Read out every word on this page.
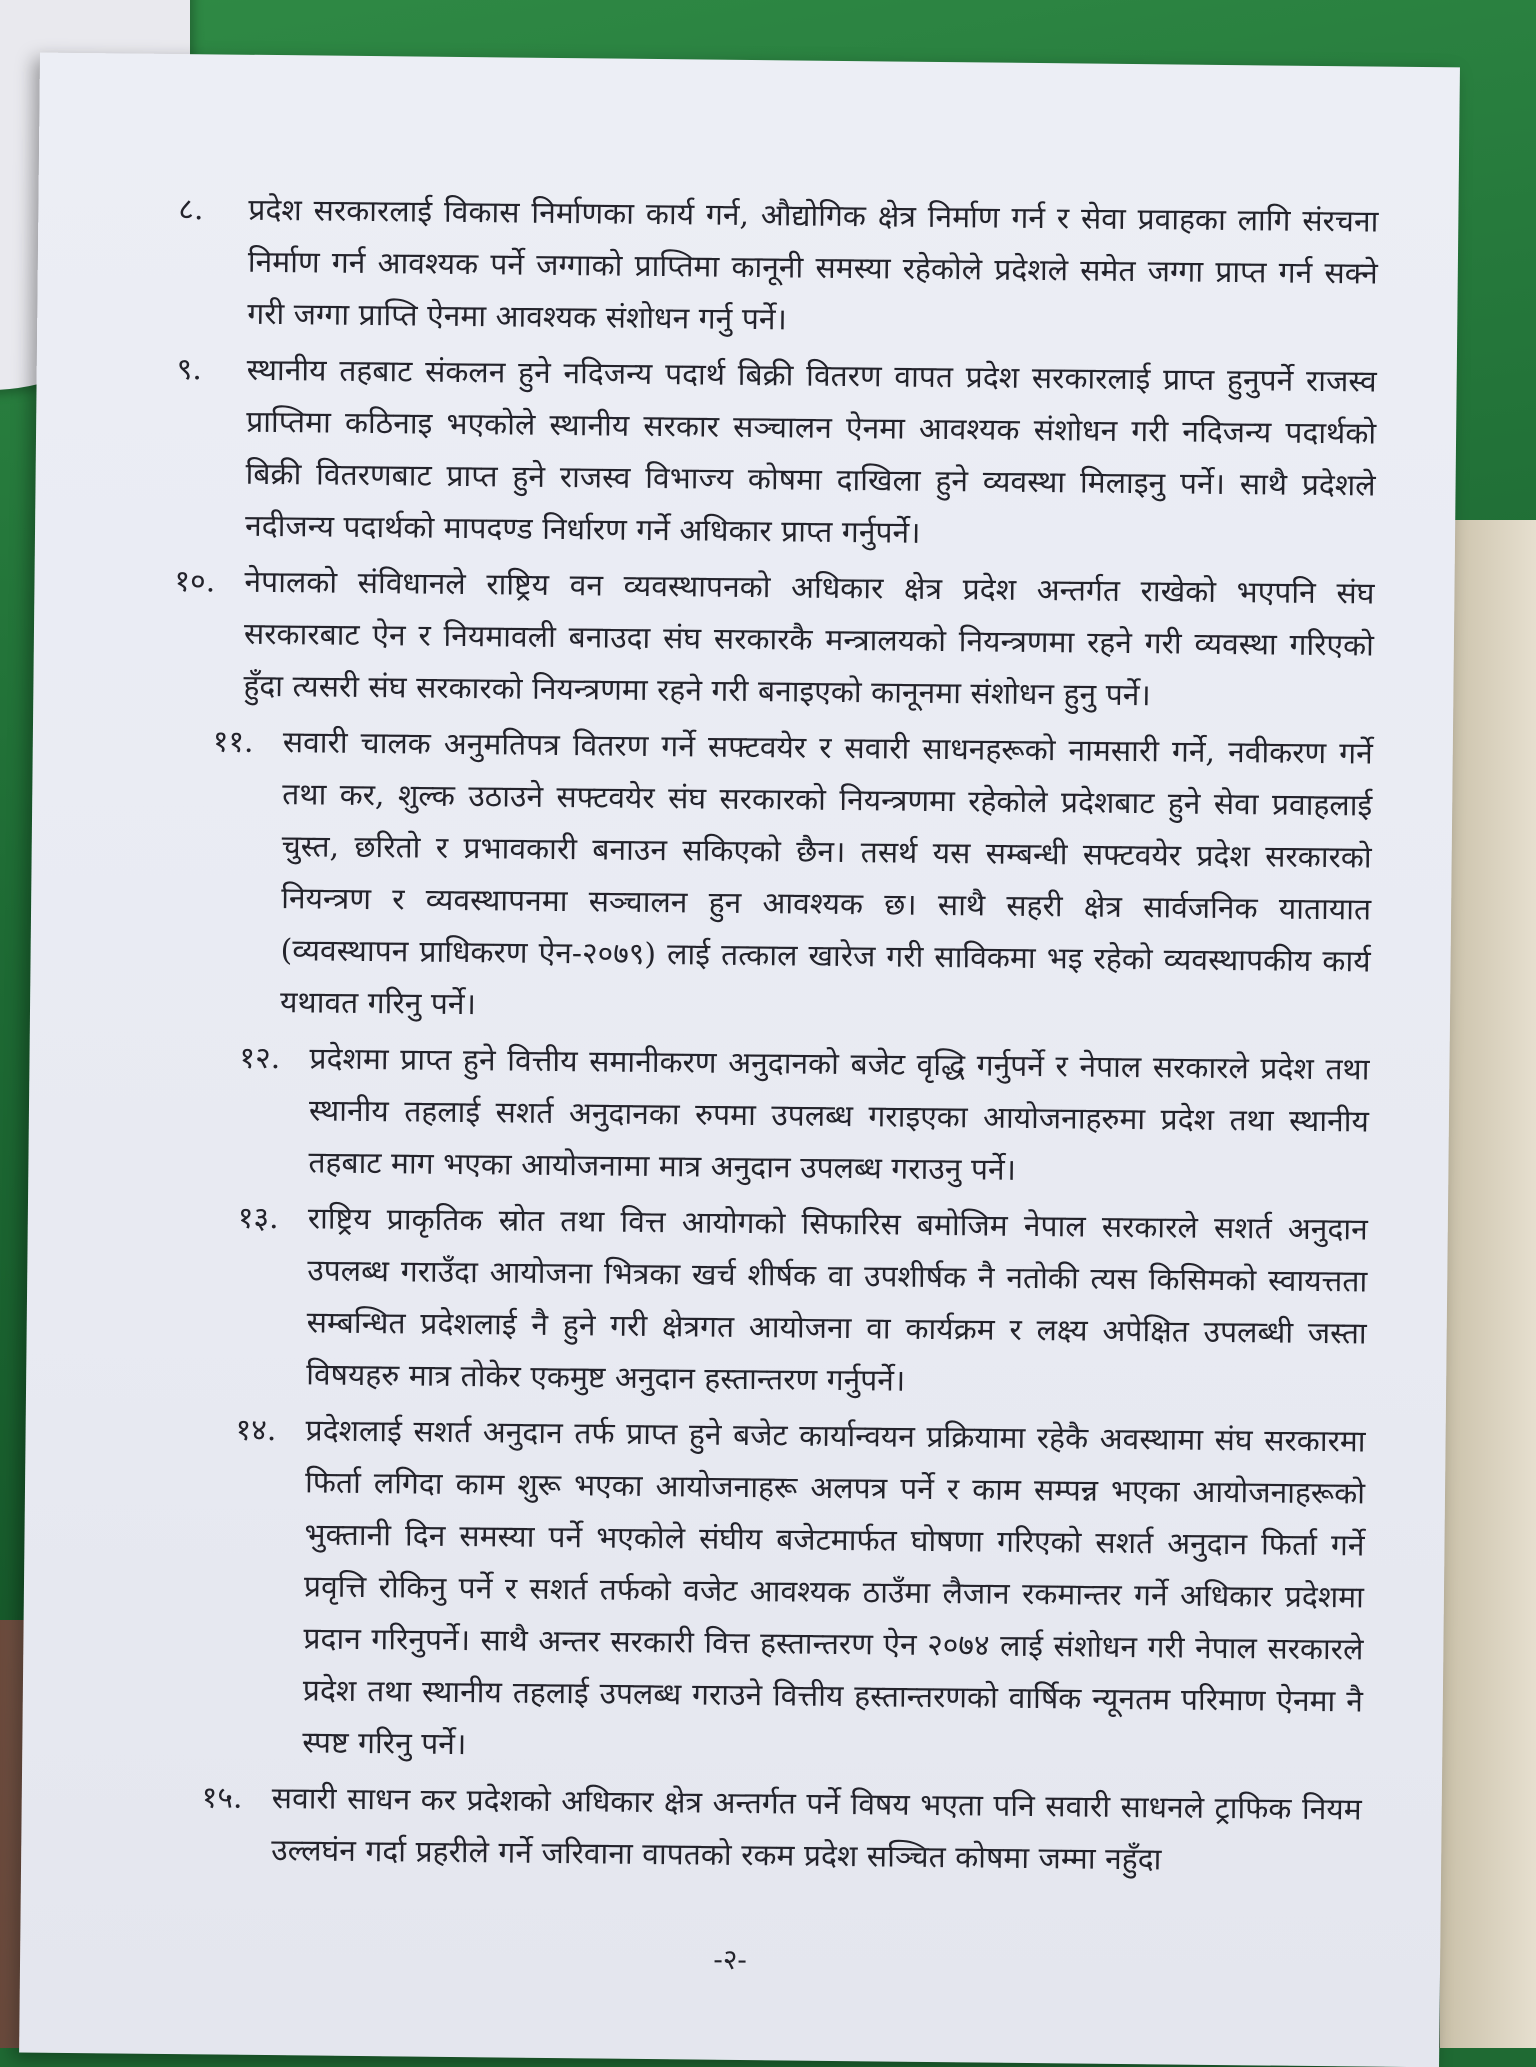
८.	प्रदेश सरकारलाई विकास निर्माणका कार्य गर्न, औद्योगिक क्षेत्र निर्माण गर्न र सेवा प्रवाहका लागि संरचना निर्माण गर्न आवश्यक पर्ने जग्गाको प्राप्तिमा कानूनी समस्या रहेकोले प्रदेशले समेत जग्गा प्राप्त गर्न सक्ने गरी जग्गा प्राप्ति ऐनमा आवश्यक संशोधन गर्नु पर्ने।
९.	स्थानीय तहबाट संकलन हुने नदिजन्य पदार्थ बिक्री वितरण वापत प्रदेश सरकारलाई प्राप्त हुनुपर्ने राजस्व प्राप्तिमा कठिनाइ भएकोले स्थानीय सरकार सञ्चालन ऐनमा आवश्यक संशोधन गरी नदिजन्य पदार्थको बिक्री वितरणबाट प्राप्त हुने राजस्व विभाज्य कोषमा दाखिला हुने व्यवस्था मिलाइनु पर्ने। साथै प्रदेशले नदीजन्य पदार्थको मापदण्ड निर्धारण गर्ने अधिकार प्राप्त गर्नुपर्ने।
१०. नेपालको संविधानले राष्ट्रिय वन व्यवस्थापनको अधिकार क्षेत्र प्रदेश अन्तर्गत राखेको भएपनि संघ सरकारबाट ऐन र नियमावली बनाउदा संघ सरकारकै मन्त्रालयको नियन्त्रणमा रहने गरी व्यवस्था गरिएको हुँदा त्यसरी संघ सरकारको नियन्त्रणमा रहने गरी बनाइएको कानूनमा संशोधन हुनु पर्ने।
११. सवारी चालक अनुमतिपत्र वितरण गर्ने सफ्टवयेर र सवारी साधनहरूको नामसारी गर्ने, नवीकरण गर्ने तथा कर, शुल्क उठाउने सफ्टवयेर संघ सरकारको नियन्त्रणमा रहेकोले प्रदेशबाट हुने सेवा प्रवाहलाई चुस्त, छरितो र प्रभावकारी बनाउन सकिएको छैन। तसर्थ यस सम्बन्धी सफ्टवयेर प्रदेश सरकारको नियन्त्रण र व्यवस्थापनमा सञ्चालन हुन आवश्यक छ। साथै सहरी क्षेत्र सार्वजनिक यातायात (व्यवस्थापन प्राधिकरण ऐन-२०७९) लाई तत्काल खारेज गरी साविकमा भइ रहेको व्यवस्थापकीय कार्य यथावत गरिनु पर्ने।
१२. प्रदेशमा प्राप्त हुने वित्तीय समानीकरण अनुदानको बजेट वृद्धि गर्नुपर्ने र नेपाल सरकारले प्रदेश तथा स्थानीय तहलाई सशर्त अनुदानका रुपमा उपलब्ध गराइएका आयोजनाहरुमा प्रदेश तथा स्थानीय तहबाट माग भएका आयोजनामा मात्र अनुदान उपलब्ध गराउनु पर्ने।
१३. राष्ट्रिय प्राकृतिक स्रोत तथा वित्त आयोगको सिफारिस बमोजिम नेपाल सरकारले सशर्त अनुदान उपलब्ध गराउँदा आयोजना भित्रका खर्च शीर्षक वा उपशीर्षक नै नतोकी त्यस किसिमको स्वायत्तता सम्बन्धित प्रदेशलाई नै हुने गरी क्षेत्रगत आयोजना वा कार्यक्रम र लक्ष्य अपेक्षित उपलब्धी जस्ता विषयहरु मात्र तोकेर एकमुष्ट अनुदान हस्तान्तरण गर्नुपर्ने।
१४. प्रदेशलाई सशर्त अनुदान तर्फ प्राप्त हुने बजेट कार्यान्वयन प्रक्रियामा रहेकै अवस्थामा संघ सरकारमा फिर्ता लगिदा काम शुरू भएका आयोजनाहरू अलपत्र पर्ने र काम सम्पन्न भएका आयोजनाहरूको भुक्तानी दिन समस्या पर्ने भएकोले संघीय बजेटमार्फत घोषणा गरिएको सशर्त अनुदान फिर्ता गर्ने प्रवृत्ति रोकिनु पर्ने र सशर्त तर्फको वजेट आवश्यक ठाउँमा लैजान रकमान्तर गर्ने अधिकार प्रदेशमा प्रदान गरिनुपर्ने। साथै अन्तर सरकारी वित्त हस्तान्तरण ऐन २०७४ लाई संशोधन गरी नेपाल सरकारले प्रदेश तथा स्थानीय तहलाई उपलब्ध गराउने वित्तीय हस्तान्तरणको वार्षिक न्यूनतम परिमाण ऐनमा नै स्पष्ट गरिनु पर्ने।
१५. सवारी साधन कर प्रदेशको अधिकार क्षेत्र अन्तर्गत पर्ने विषय भएता पनि सवारी साधनले ट्राफिक नियम उल्लघंन गर्दा प्रहरीले गर्ने जरिवाना वापतको रकम प्रदेश सञ्चित कोषमा जम्मा नहुँदा
-२-
